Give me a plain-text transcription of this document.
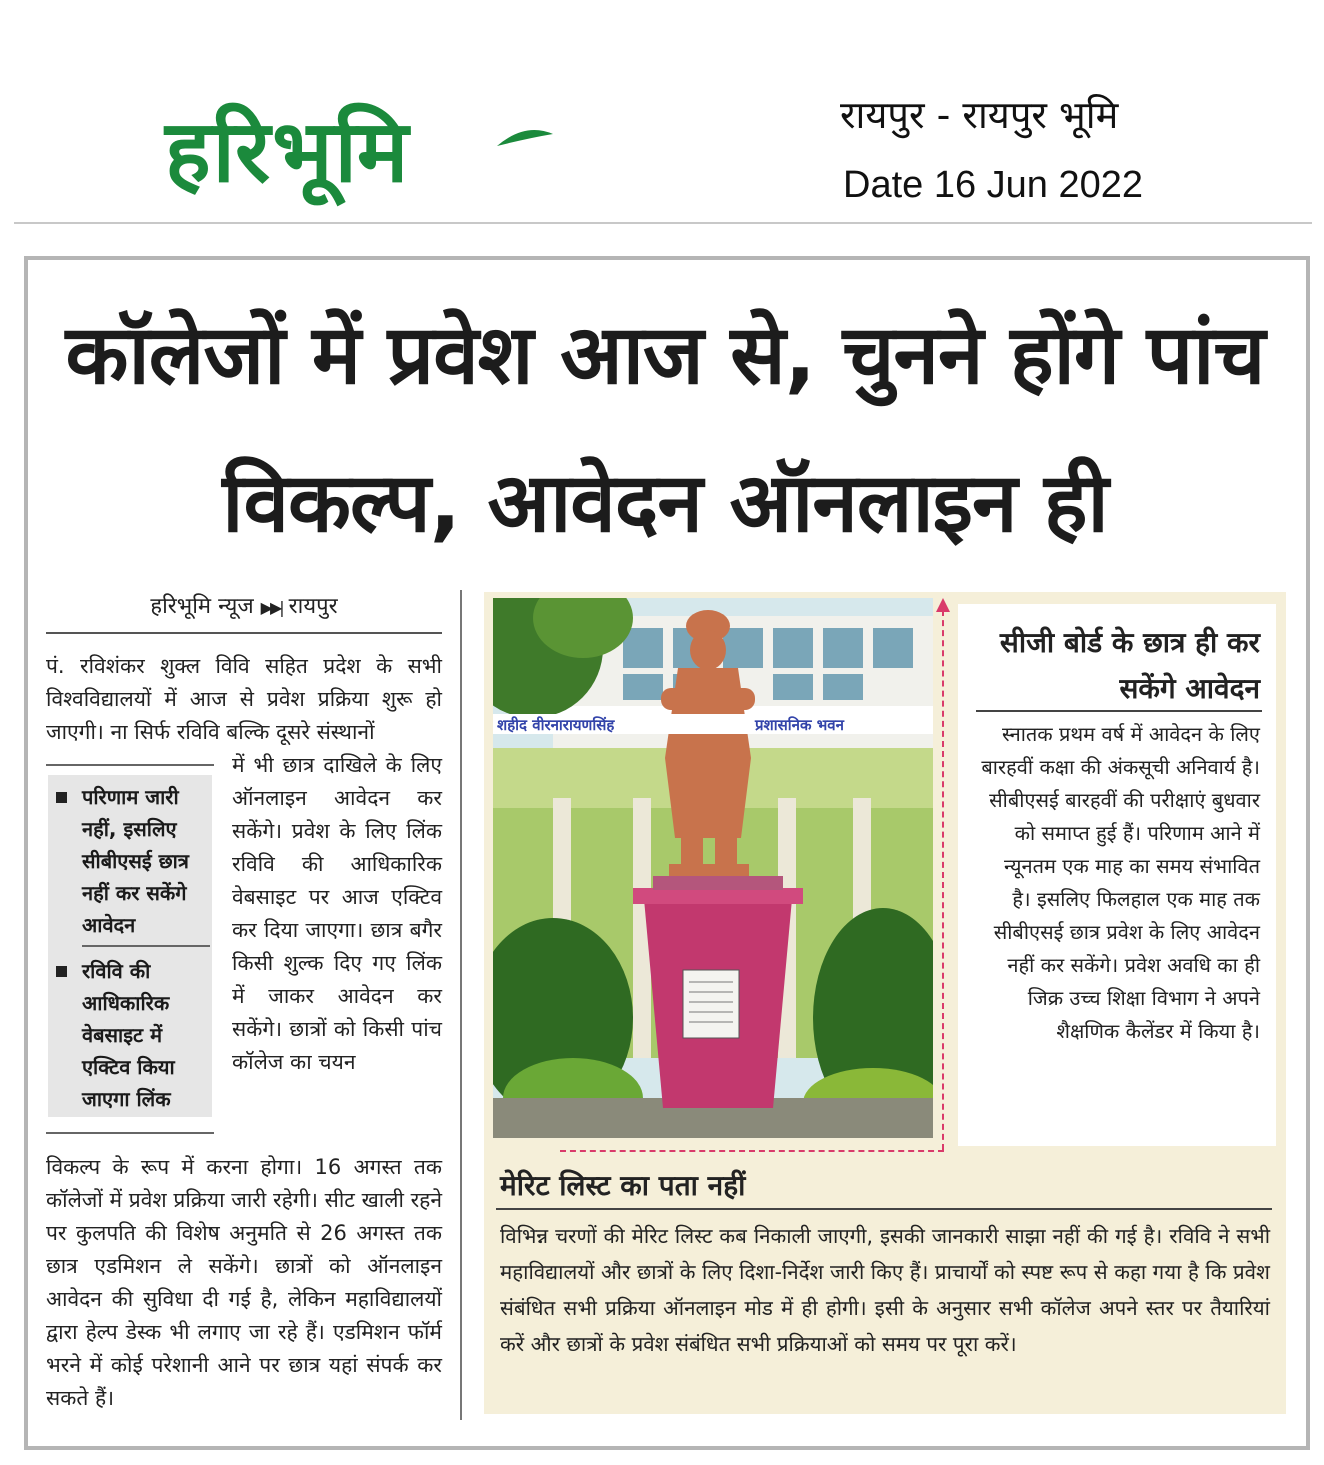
हरिभूमि	रायपुर - रायपुर भूमि
Date 16 Jun 2022
कॉलेजों में प्रवेश आज से, चुनने होंगे पांच विकल्प, आवेदन ऑनलाइन ही
हरिभूमि न्यूज ▶▶| रायपुर

पं. रविशंकर शुक्ल विवि सहित प्रदेश के सभी विश्वविद्यालयों में आज से प्रवेश प्रक्रिया शुरू हो जाएगी। ना सिर्फ रविवि बल्कि दूसरे संस्थानों

में भी छात्र दाखिले के लिए ऑनलाइन आवेदन कर सकेंगे। प्रवेश के लिए लिंक रविवि की आधिकारिक वेबसाइट पर आज एक्टिव कर दिया जाएगा। छात्र बगैर किसी शुल्क दिए गए लिंक में जाकर आवेदन कर सकेंगे। छात्रों को किसी पांच कॉलेज का चयन

विकल्प के रूप में करना होगा। 16 अगस्त तक कॉलेजों में प्रवेश प्रक्रिया जारी रहेगी। सीट खाली रहने पर कुलपति की विशेष अनुमति से 26 अगस्त तक छात्र एडमिशन ले सकेंगे। छात्रों को ऑनलाइन आवेदन की सुविधा दी गई है, लेकिन महाविद्यालयों द्वारा हेल्प डेस्क भी लगाए जा रहे हैं। एडमिशन फॉर्म भरने में कोई परेशानी आने पर छात्र यहां संपर्क कर सकते हैं।

परिणाम जारी नहीं, इसलिए सीबीएसई छात्र नहीं कर सकेंगे आवेदन
रविवि की आधिकारिक वेबसाइट में एक्टिव किया जाएगा लिंक
शहीद वीरनारायणसिंह	प्रशासनिक भवन
सीजी बोर्ड के छात्र ही कर सकेंगे आवेदन

स्नातक प्रथम वर्ष में आवेदन के लिए बारहवीं कक्षा की अंकसूची अनिवार्य है। सीबीएसई बारहवीं की परीक्षाएं बुधवार को समाप्त हुई हैं। परिणाम आने में न्यूनतम एक माह का समय संभावित है। इसलिए फिलहाल एक माह तक सीबीएसई छात्र प्रवेश के लिए आवेदन नहीं कर सकेंगे। प्रवेश अवधि का ही जिक्र उच्च शिक्षा विभाग ने अपने शैक्षणिक कैलेंडर में किया है।

मेरिट लिस्ट का पता नहीं

विभिन्न चरणों की मेरिट लिस्ट कब निकाली जाएगी, इसकी जानकारी साझा नहीं की गई है। रविवि ने सभी महाविद्यालयों और छात्रों के लिए दिशा-निर्देश जारी किए हैं। प्राचार्यों को स्पष्ट रूप से कहा गया है कि प्रवेश संबंधित सभी प्रक्रिया ऑनलाइन मोड में ही होगी। इसी के अनुसार सभी कॉलेज अपने स्तर पर तैयारियां करें और छात्रों के प्रवेश संबंधित सभी प्रक्रियाओं को समय पर पूरा करें।
